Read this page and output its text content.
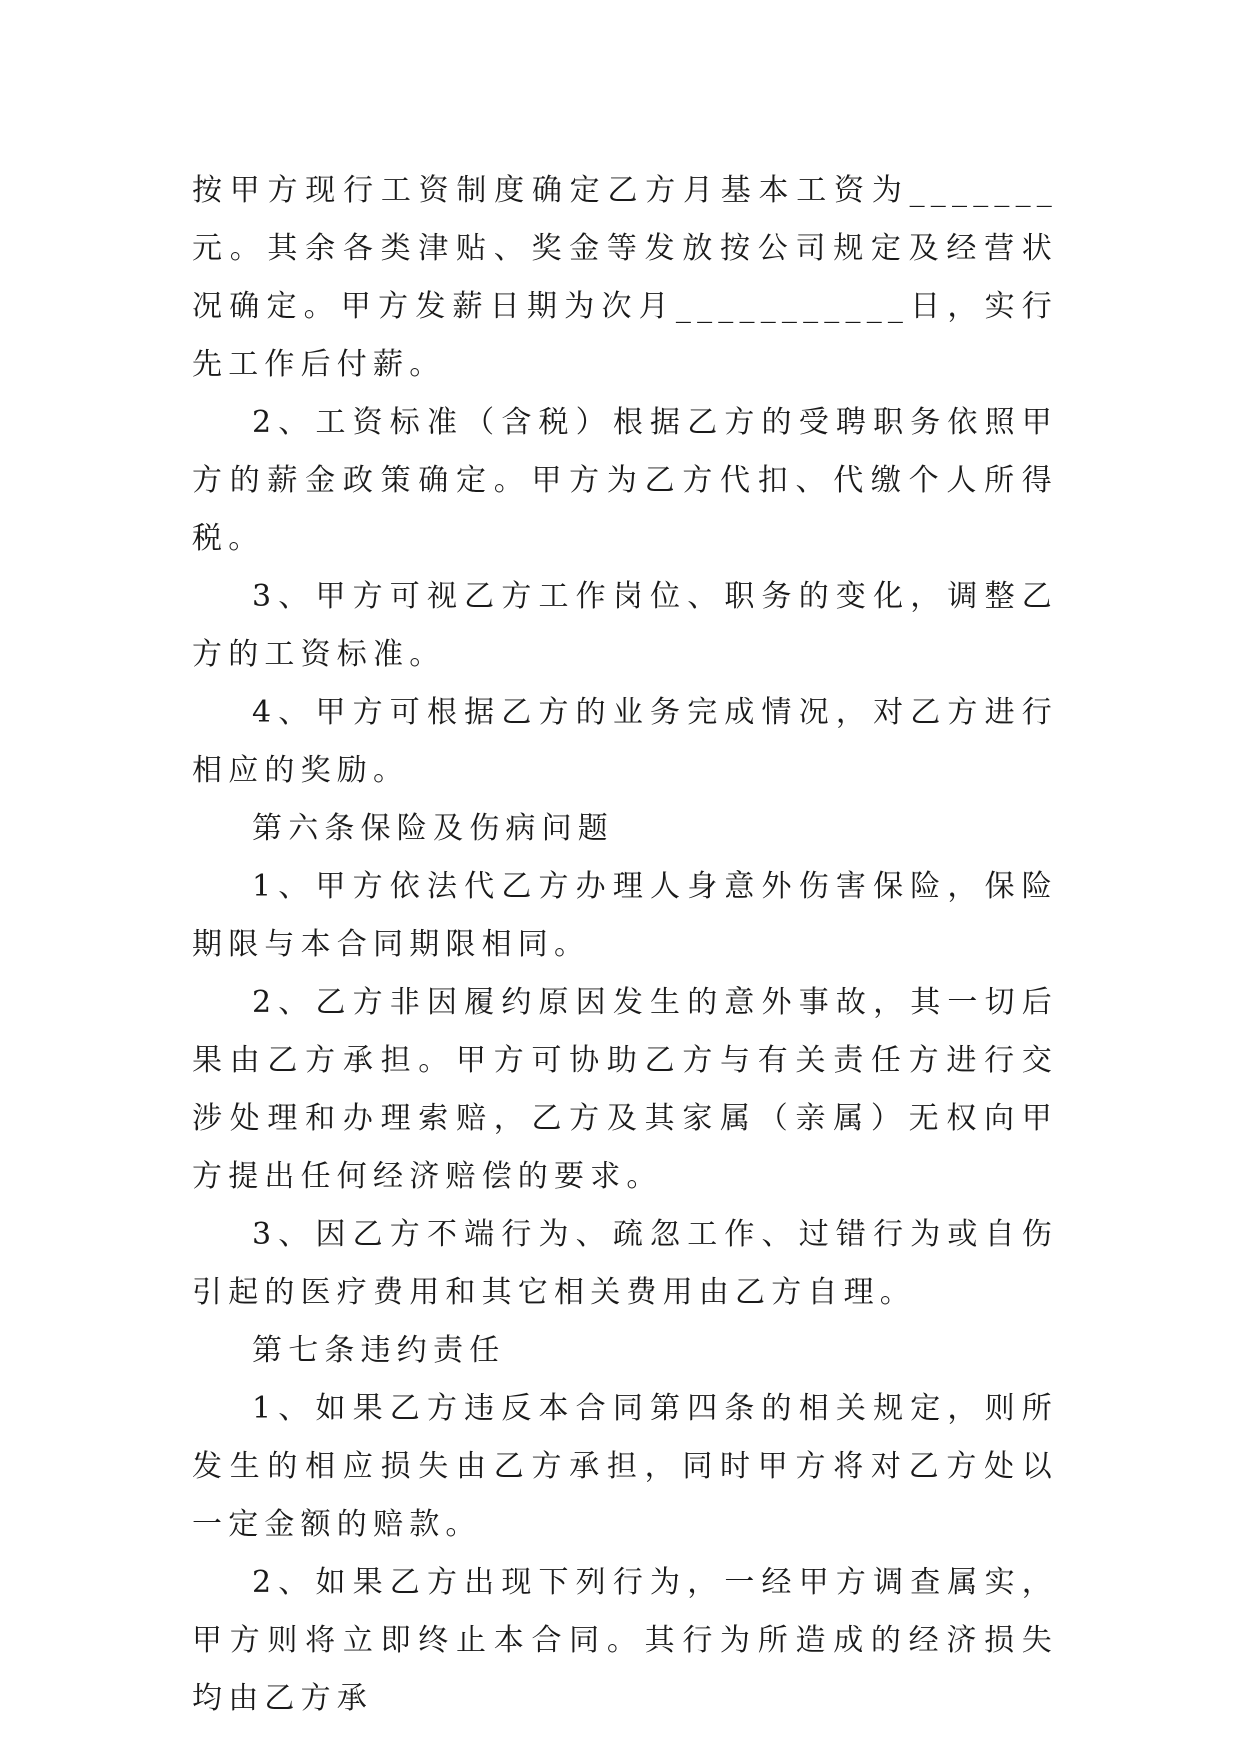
按甲方现行工资制度确定乙方月基本工资为_______元。其余各类津贴、奖金等发放按公司规定及经营状况确定。甲方发薪日期为次月___________日，实行先工作后付薪。

2、工资标准（含税）根据乙方的受聘职务依照甲方的薪金政策确定。甲方为乙方代扣、代缴个人所得税。

3、甲方可视乙方工作岗位、职务的变化，调整乙方的工资标准。

4、甲方可根据乙方的业务完成情况，对乙方进行相应的奖励。

第六条保险及伤病问题

1、甲方依法代乙方办理人身意外伤害保险，保险期限与本合同期限相同。

2、乙方非因履约原因发生的意外事故，其一切后果由乙方承担。甲方可协助乙方与有关责任方进行交涉处理和办理索赔，乙方及其家属（亲属）无权向甲方提出任何经济赔偿的要求。

3、因乙方不端行为、疏忽工作、过错行为或自伤引起的医疗费用和其它相关费用由乙方自理。

第七条违约责任

1、如果乙方违反本合同第四条的相关规定，则所发生的相应损失由乙方承担，同时甲方将对乙方处以一定金额的赔款。

2、如果乙方出现下列行为，一经甲方调查属实，甲方则将立即终止本合同。其行为所造成的经济损失均由乙方承
